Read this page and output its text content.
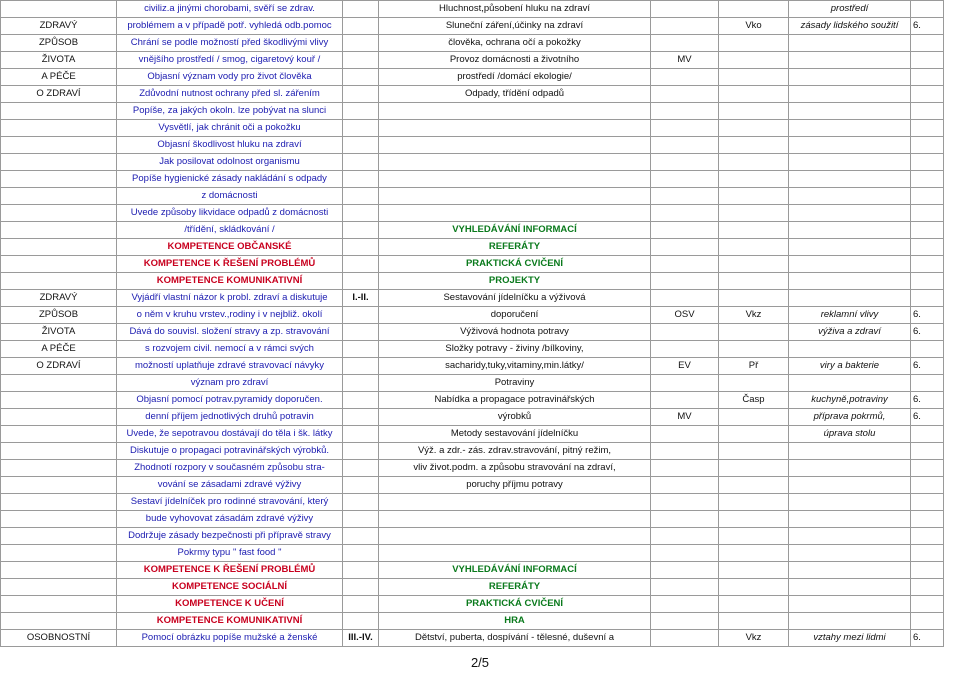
	civiliz.a jinými chorobami, svěří se zdrav.		Hluchnost,působení hluku na zdraví			prostředí	
ZDRAVÝ	problémem a v případě potř. vyhledá odb.pomoc		Sluneční záření,účinky na zdraví		Vko	zásady lidského soužití	6.
ZPŮSOB	Chrání se podle možností před škodlivými vlivy		člověka, ochrana očí a pokožky				
ŽIVOTA	vnějšího prostředí / smog, cigaretový kouř /		Provoz domácnosti a životního	MV			
A PÉČE	Objasní význam vody pro život člověka		prostředí /domácí ekologie/				
O ZDRAVÍ	Zdůvodní nutnost ochrany před sl. zářením		Odpady, třídění odpadů				
	Popíše, za jakých okoln. lze pobývat na slunci						
	Vysvětlí, jak chránit oči a pokožku						
	Objasní škodlivost hluku na zdraví						
	Jak posilovat odolnost organismu						
	Popíše hygienické zásady nakládání s odpady						
	z domácnosti						
	Uvede způsoby likvidace odpadů z domácnosti						
	/třídění, skládkování /		VYHLEDÁVÁNÍ INFORMACÍ				
	KOMPETENCE OBČANSKÉ		REFERÁTY				
	KOMPETENCE K ŘEŠENÍ PROBLÉMŮ		PRAKTICKÁ CVIČENÍ				
	KOMPETENCE KOMUNIKATIVNÍ		PROJEKTY				
ZDRAVÝ	Vyjádří vlastní názor k probl. zdraví a diskutuje	I.-II.	Sestavování jídelníčku a výživová				
ZPŮSOB	o něm v kruhu vrstev.,rodiny i v nejbliž. okolí		doporučení	OSV	Vkz	reklamní vlivy	6.
ŽIVOTA	Dává do souvisl. složení stravy a zp. stravování		Výživová hodnota potravy			výživa a zdraví	6.
A PÉČE	s rozvojem civil. nemocí a v rámci svých		Složky potravy - živiny /bílkoviny,				
O ZDRAVÍ	možností uplatňuje zdravé stravovací návyky		sacharidy,tuky,vitaminy,min.látky/	EV	Př	viry a bakterie	6.
	význam pro zdraví		Potraviny				
	Objasní pomocí potrav.pyramidy doporučen.		Nabídka a propagace potravinářských		Časp	kuchyně,potraviny	6.
	denní příjem jednotlivých druhů potravin		výrobků	MV		příprava pokrmů,	6.
	Uvede, že sepotravou dostávají do těla i šk. látky		Metody sestavování jídelníčku			úprava stolu	
	Diskutuje o propagaci potravinářských výrobků.		Výž. a zdr.- zás. zdrav.stravování, pitný režim,				
	Zhodnotí rozpory v současném způsobu stra-		vliv život.podm. a způsobu stravování na zdraví,				
	vování se zásadami zdravé výživy		poruchy příjmu potravy				
	Sestaví jídelníček pro rodinné stravování, který						
	bude vyhovovat zásadám zdravé výživy						
	Dodržuje zásady bezpečnosti při přípravě stravy						
	Pokrmy typu " fast food "						
	KOMPETENCE K ŘEŠENÍ PROBLÉMŮ		VYHLEDÁVÁNÍ INFORMACÍ				
	KOMPETENCE SOCIÁLNÍ		REFERÁTY				
	KOMPETENCE K UČENÍ		PRAKTICKÁ CVIČENÍ				
	KOMPETENCE KOMUNIKATIVNÍ		HRA				
OSOBNOSTNÍ	Pomocí obrázku popíše mužské a ženské	III.-IV.	Dětství, puberta, dospívání - tělesné, duševní a		Vkz	vztahy mezi lidmi	6.
2/5
